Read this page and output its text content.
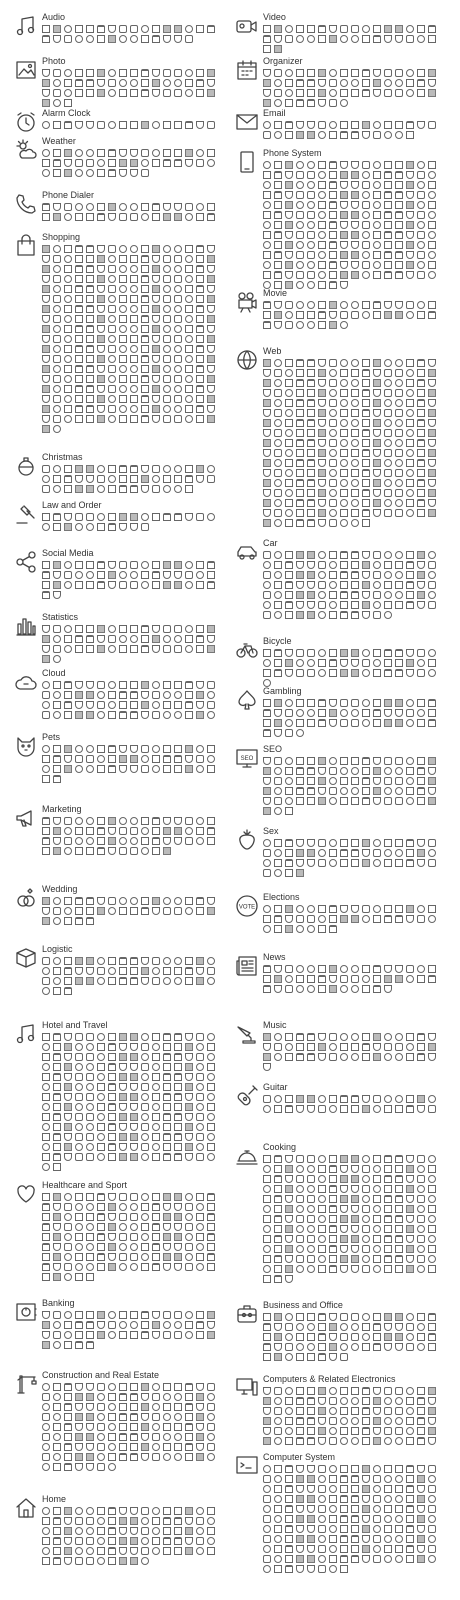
Audio
Photo
Alarm Clock
Weather
Phone Dialer
Shopping
Christmas
Law and Order
Social Media
Statistics
Cloud
Pets
Marketing
Wedding
Logistic
Hotel and Travel
Healthcare and Sport
Banking
Construction and Real Estate
Home
Video
Organizer
Email
Phone System
Movie
Web
Car
Bicycle
Gambling
SEO
SEO
Sex
VOTE
Elections
News
Music
Guitar
Cooking
Business and Office
Computers & Related Electronics
Computer System
